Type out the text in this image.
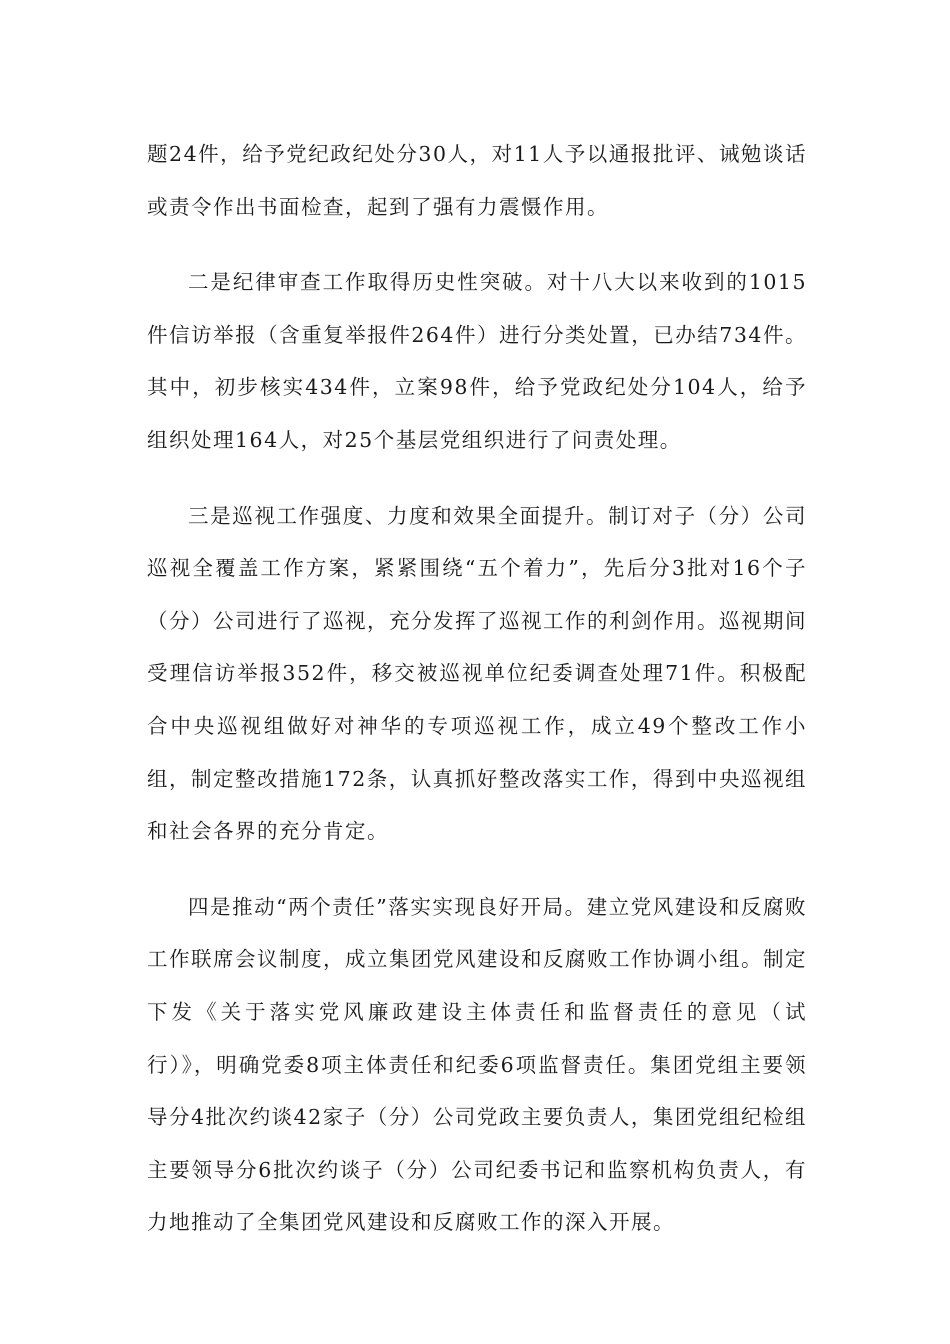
题24件，给予党纪政纪处分30人，对11人予以通报批评、诫勉谈话或责令作出书面检查，起到了强有力震慑作用。

二是纪律审查工作取得历史性突破。对十八大以来收到的1015件信访举报（含重复举报件264件）进行分类处置，已办结734件。其中，初步核实434件，立案98件，给予党政纪处分104人，给予组织处理164人，对25个基层党组织进行了问责处理。

三是巡视工作强度、力度和效果全面提升。制订对子（分）公司巡视全覆盖工作方案，紧紧围绕“五个着力”，先后分3批对16个子（分）公司进行了巡视，充分发挥了巡视工作的利剑作用。巡视期间受理信访举报352件，移交被巡视单位纪委调查处理71件。积极配合中央巡视组做好对神华的专项巡视工作，成立49个整改工作小组，制定整改措施172条，认真抓好整改落实工作，得到中央巡视组和社会各界的充分肯定。

四是推动“两个责任”落实实现良好开局。建立党风建设和反腐败工作联席会议制度，成立集团党风建设和反腐败工作协调小组。制定下发《关于落实党风廉政建设主体责任和监督责任的意见（试行）》，明确党委8项主体责任和纪委6项监督责任。集团党组主要领导分4批次约谈42家子（分）公司党政主要负责人，集团党组纪检组主要领导分6批次约谈子（分）公司纪委书记和监察机构负责人，有力地推动了全集团党风建设和反腐败工作的深入开展。
